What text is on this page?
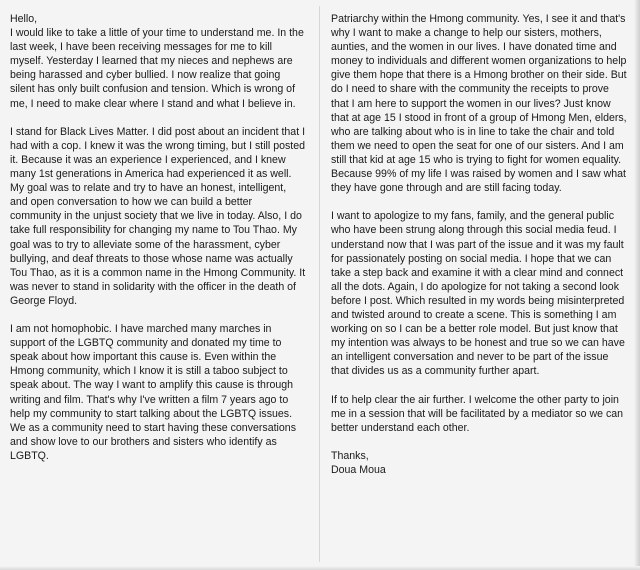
Hello,

I would like to take a little of your time to understand me. In the last week, I have been receiving messages for me to kill myself. Yesterday I learned that my nieces and nephews are being harassed and cyber bullied. I now realize that going silent has only built confusion and tension. Which is wrong of me, I need to make clear where I stand and what I believe in.

I stand for Black Lives Matter. I did post about an incident that I had with a cop. I knew it was the wrong timing, but I still posted it. Because it was an experience I experienced, and I knew many 1st generations in America had experienced it as well. My goal was to relate and try to have an honest, intelligent, and open conversation to how we can build a better community in the unjust society that we live in today. Also, I do take full responsibility for changing my name to Tou Thao. My goal was to try to alleviate some of the harassment, cyber bullying, and deaf threats to those whose name was actually Tou Thao, as it is a common name in the Hmong Community. It was never to stand in solidarity with the officer in the death of George Floyd.

I am not homophobic. I have marched many marches in support of the LGBTQ community and donated my time to speak about how important this cause is. Even within the Hmong community, which I know it is still a taboo subject to speak about. The way I want to amplify this cause is through writing and film. That's why I've written a film 7 years ago to help my community to start talking about the LGBTQ issues. We as a community need to start having these conversations and show love to our brothers and sisters who identify as LGBTQ.

Patriarchy within the Hmong community. Yes, I see it and that's why I want to make a change to help our sisters, mothers, aunties, and the women in our lives. I have donated time and money to individuals and different women organizations to help give them hope that there is a Hmong brother on their side. But do I need to share with the community the receipts to prove that I am here to support the women in our lives? Just know that at age 15 I stood in front of a group of Hmong Men, elders, who are talking about who is in line to take the chair and told them we need to open the seat for one of our sisters. And I am still that kid at age 15 who is trying to fight for women equality. Because 99% of my life I was raised by women and I saw what they have gone through and are still facing today.

I want to apologize to my fans, family, and the general public who have been strung along through this social media feud. I understand now that I was part of the issue and it was my fault for passionately posting on social media. I hope that we can take a step back and examine it with a clear mind and connect all the dots. Again, I do apologize for not taking a second look before I post. Which resulted in my words being misinterpreted and twisted around to create a scene. This is something I am working on so I can be a better role model. But just know that my intention was always to be honest and true so we can have an intelligent conversation and never to be part of the issue that divides us as a community further apart.

If to help clear the air further. I welcome the other party to join me in a session that will be facilitated by a mediator so we can better understand each other.

Thanks,

Doua Moua
